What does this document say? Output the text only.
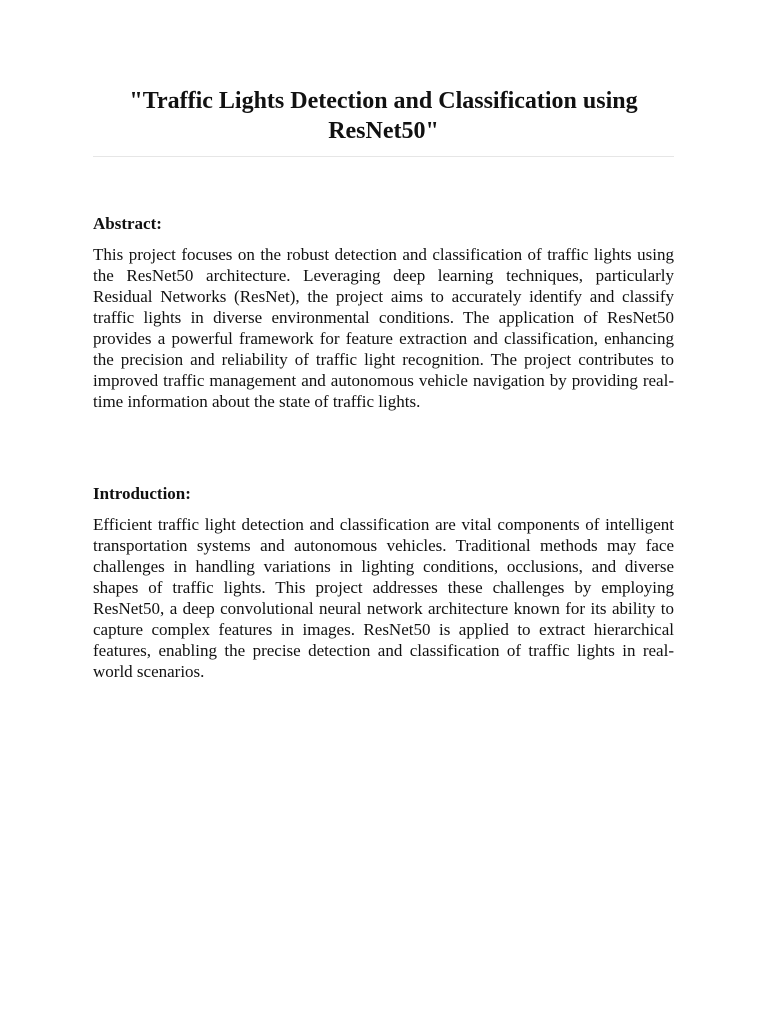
"Traffic Lights Detection and Classification using ResNet50"
Abstract:

This project focuses on the robust detection and classification of traffic lights using the ResNet50 architecture. Leveraging deep learning techniques, particularly Residual Networks (ResNet), the project aims to accurately identify and classify traffic lights in diverse environmental conditions. The application of ResNet50 provides a powerful framework for feature extraction and classification, enhancing the precision and reliability of traffic light recognition. The project contributes to improved traffic management and autonomous vehicle navigation by providing real-time information about the state of traffic lights.

Introduction:

Efficient traffic light detection and classification are vital components of intelligent transportation systems and autonomous vehicles. Traditional methods may face challenges in handling variations in lighting conditions, occlusions, and diverse shapes of traffic lights. This project addresses these challenges by employing ResNet50, a deep convolutional neural network architecture known for its ability to capture complex features in images. ResNet50 is applied to extract hierarchical features, enabling the precise detection and classification of traffic lights in real-world scenarios.
